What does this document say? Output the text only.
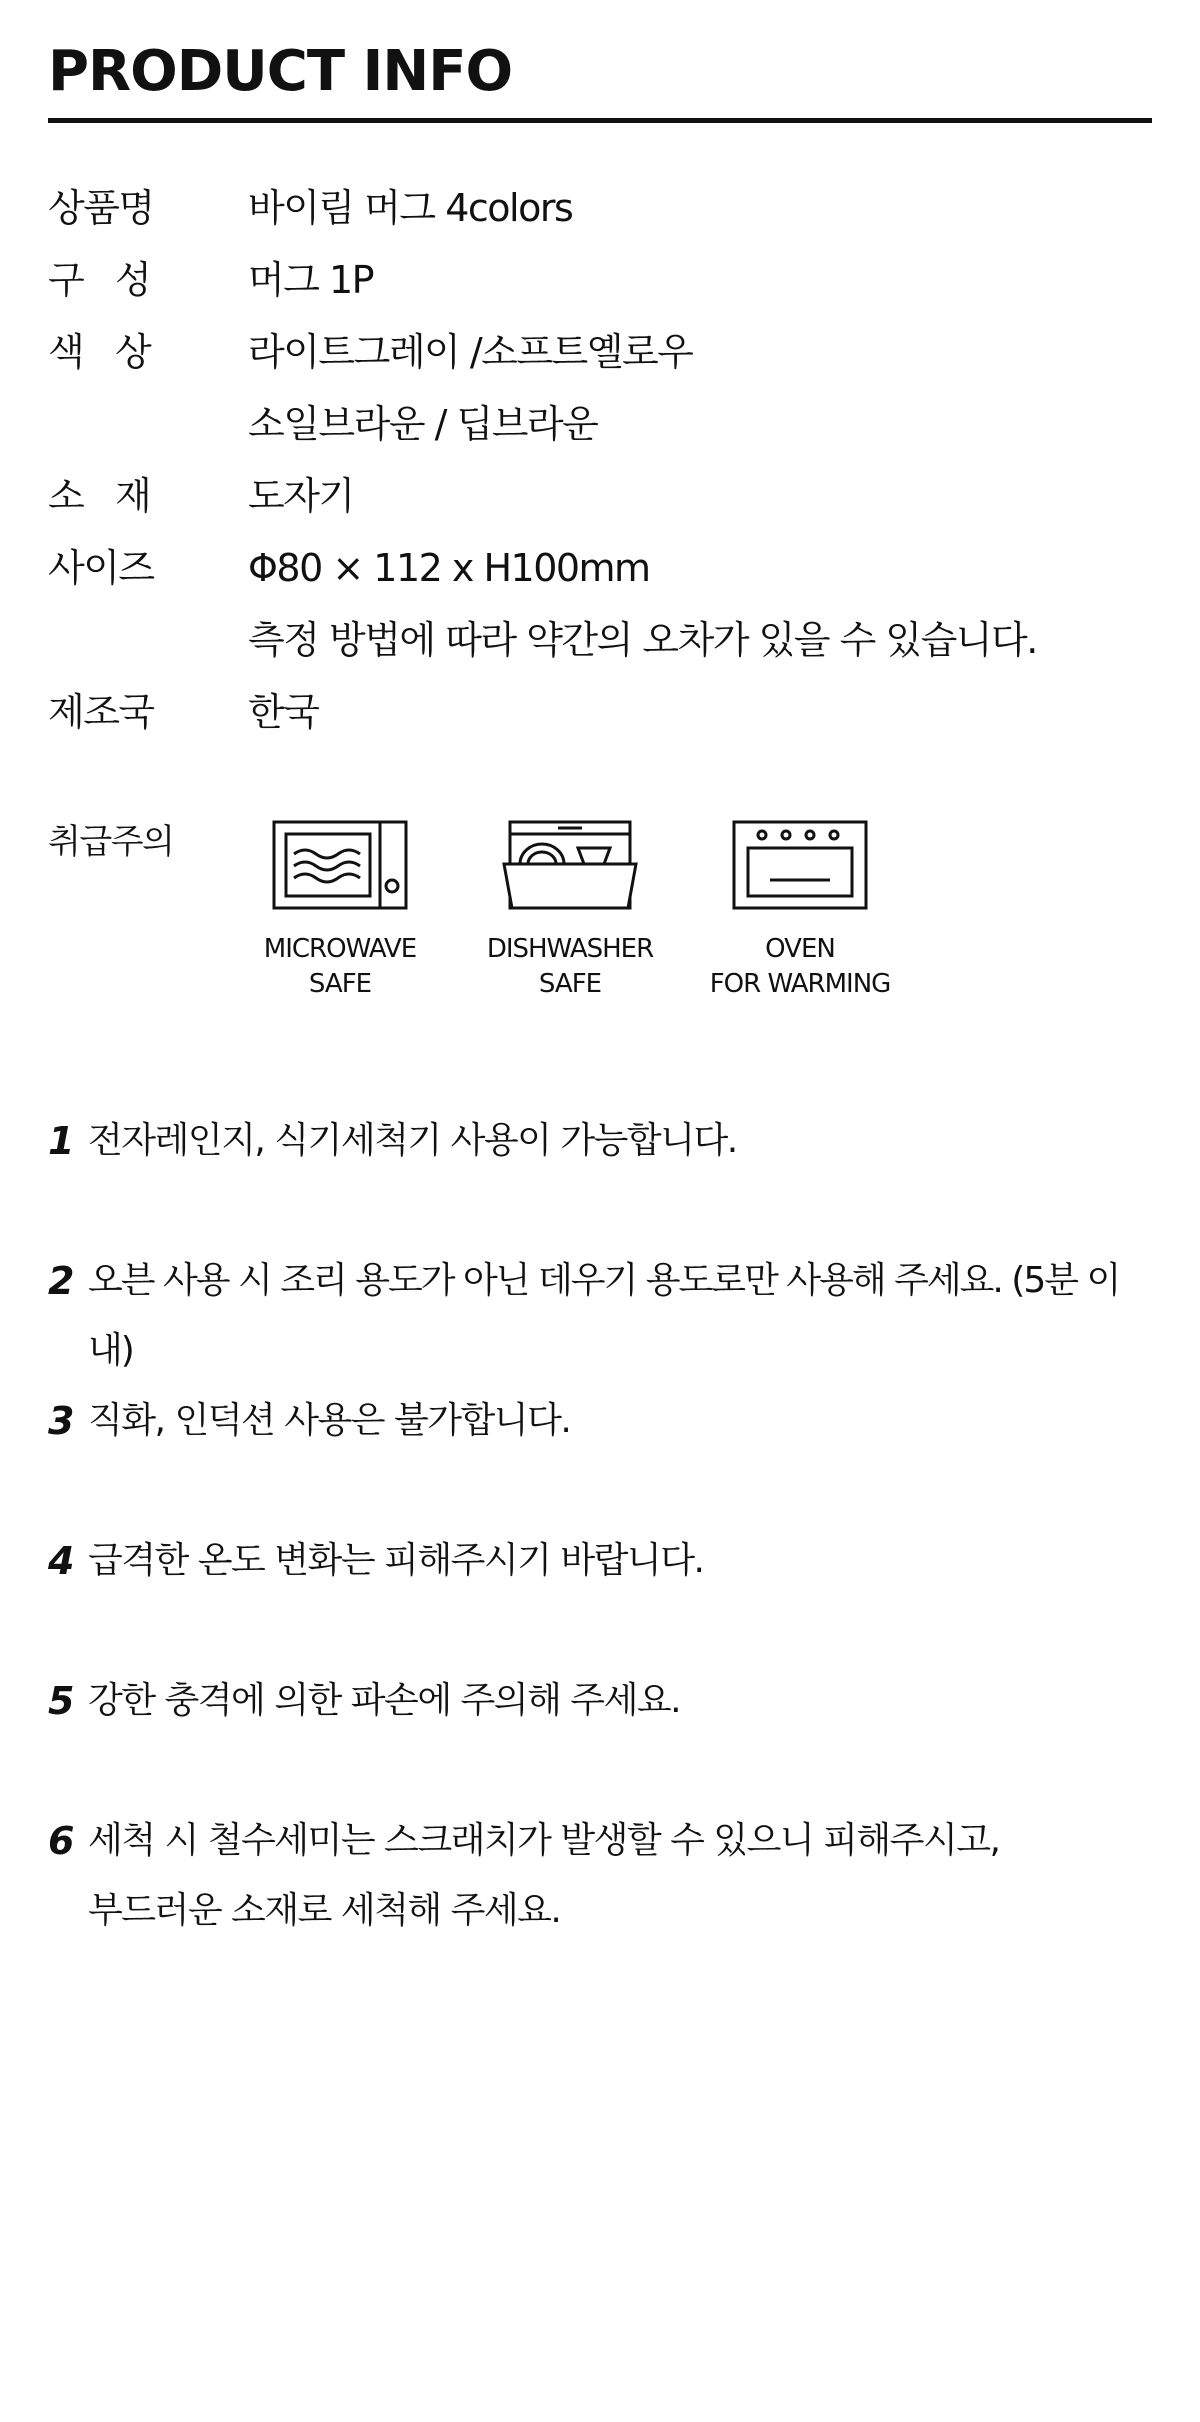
PRODUCT INFO
상품명 바이림 머그 4colors
구   성	머그 1P
색   상	라이트그레이 /소프트옐로우
소일브라운 / 딥브라운
소   재	도자기
사이즈 Φ80 × 112 x H100mm
측정 방법에 따라 약간의 오차가 있을 수 있습니다.
제조국 한국
취급주의
MICROWAVE
SAFE
DISHWASHER
SAFE
OVEN
FOR WARMING
1 전자레인지, 식기세척기 사용이 가능합니다.
2 오븐 사용 시 조리 용도가 아닌 데우기 용도로만 사용해 주세요. (5분 이내)
3 직화, 인덕션 사용은 불가합니다.
4 급격한 온도 변화는 피해주시기 바랍니다.
5 강한 충격에 의한 파손에 주의해 주세요.
6 세척 시 철수세미는 스크래치가 발생할 수 있으니 피해주시고,
부드러운 소재로 세척해 주세요.
